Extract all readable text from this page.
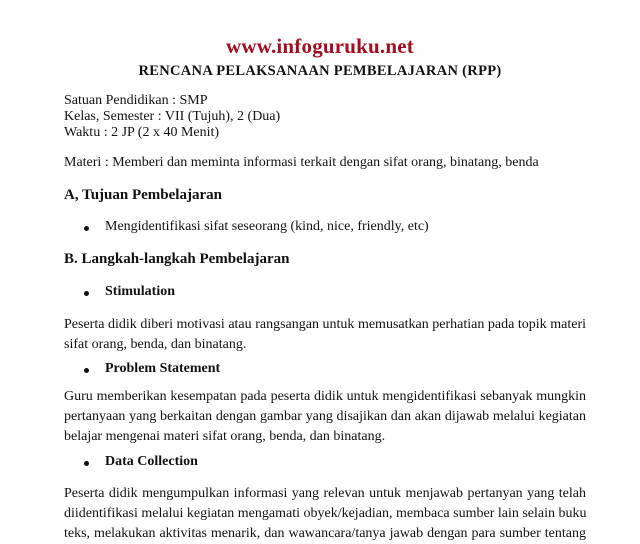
www.infoguruku.net
RENCANA PELAKSANAAN PEMBELAJARAN (RPP)
Satuan Pendidikan : SMP
Kelas, Semester : VII (Tujuh), 2 (Dua)
Waktu : 2 JP (2 x 40 Menit)
Materi : Memberi dan meminta informasi terkait dengan sifat orang, binatang, benda
A, Tujuan Pembelajaran
Mengidentifikasi sifat seseorang (kind, nice, friendly, etc)
B. Langkah-langkah Pembelajaran
Stimulation
Peserta didik diberi motivasi atau rangsangan untuk memusatkan perhatian pada topik materi
sifat orang, benda, dan binatang.
Problem Statement
Guru memberikan kesempatan pada peserta didik untuk mengidentifikasi sebanyak mungkin
pertanyaan yang berkaitan dengan gambar yang disajikan dan akan dijawab melalui kegiatan
belajar mengenai materi sifat orang, benda, dan binatang.
Data Collection
Peserta didik mengumpulkan informasi yang relevan untuk menjawab pertanyan yang telah
diidentifikasi melalui kegiatan mengamati obyek/kejadian, membaca sumber lain selain buku
teks, melakukan aktivitas menarik, dan wawancara/tanya jawab dengan para sumber tentang
